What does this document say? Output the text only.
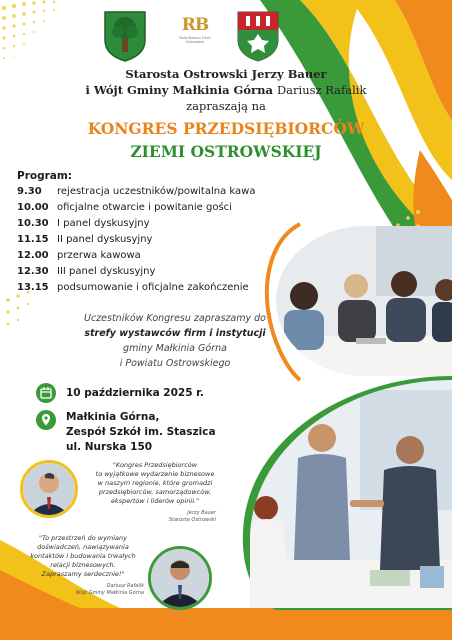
RB
Rada Biznesu Ziemi Ostrowskiej
Starosta Ostrowski Jerzy Bauer
i Wójt Gminy Małkinia Górna Dariusz Rafalik
zapraszają na
KONGRES PRZEDSIĘBIORCÓW
ZIEMI OSTROWSKIEJ
Program:
9.30 rejestracja uczestników/powitalna kawa
10.00 oficjalne otwarcie i powitanie gości
10.30 I panel dyskusyjny
11.15 II panel dyskusyjny
12.00 przerwa kawowa
12.30 III panel dyskusyjny
13.15 podsumowanie i oficjalne zakończenie
Uczestników Kongresu zapraszamy do
strefy wystawców firm i instytucji
gminy Małkinia Górna
i Powiatu Ostrowskiego
10 października 2025 r.
Małkinia Górna,
Zespół Szkół im. Staszica
ul. Nurska 150
"Kongres Przedsiębiorców
to wyjątkowe wydarzenie biznesowe
w naszym regionie, które gromadzi
przedsiębiorców, samorządowców,
ekspertów i liderów opinii."
Jerzy Bauer
Starosta Ostrowski
"To przestrzeń do wymiany
doświadczeń, nawiązywania
kontaktów i budowania trwałych
relacji biznesowych.
Zapraszamy serdecznie!"
Dariusz Rafalik
Wójt Gminy Małkinia Górna
